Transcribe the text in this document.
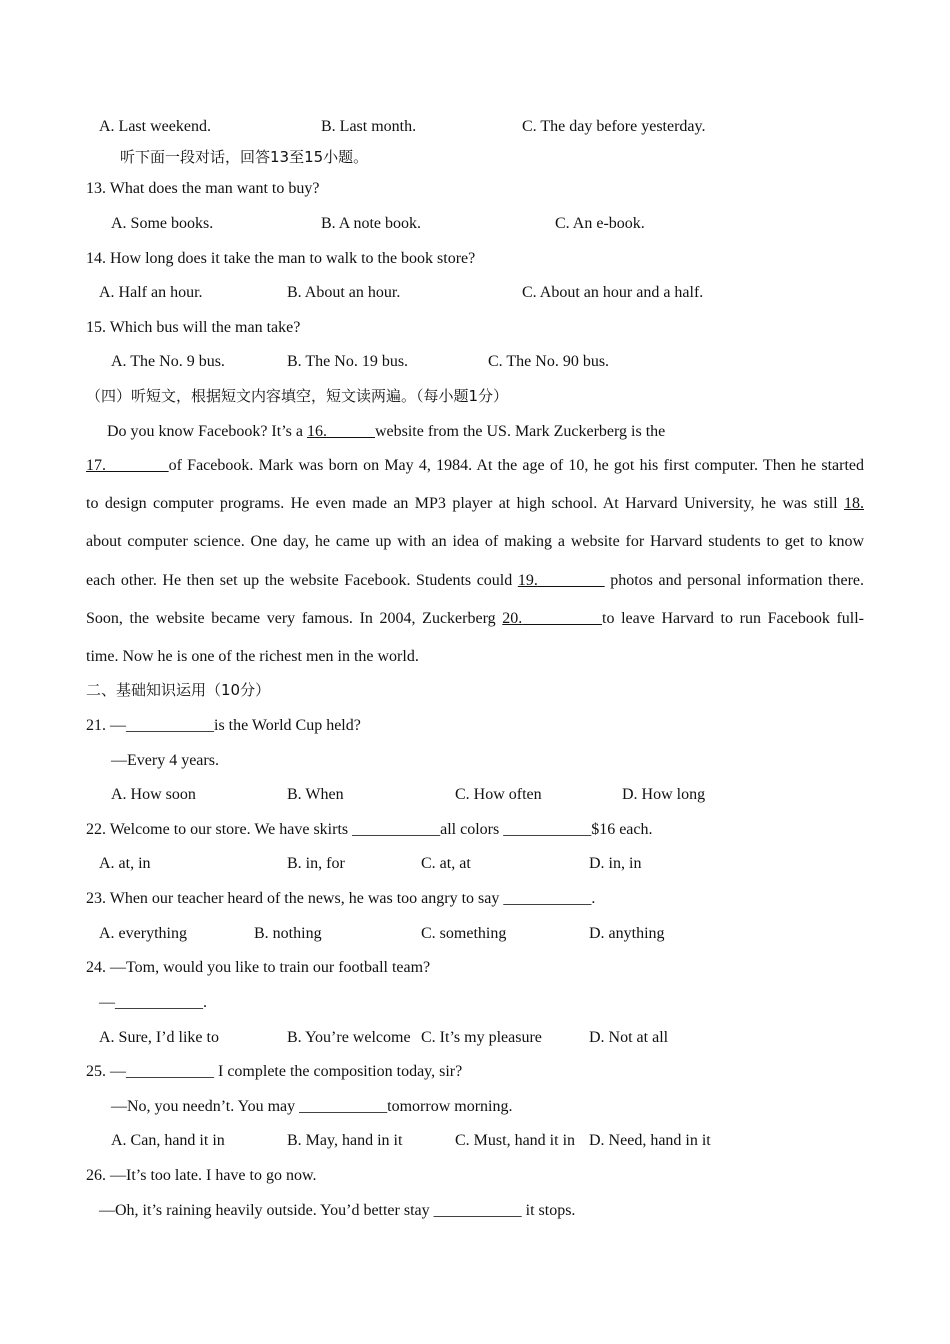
A. Last weekend.	B. Last month.	C. The day before yesterday.
听下面一段对话，回答13至15小题。
13. What does the man want to buy?
A. Some books.	B. A note book.	C. An e-book.
14. How long does it take the man to walk to the book store?
A. Half an hour.	B. About an hour.	C. About an hour and a half.
15. Which bus will the man take?
A. The No. 9 bus.	B. The No. 19 bus.	C. The No. 90 bus.
（四）听短文，根据短文内容填空，短文读两遍。（每小题1分）
Do you know Facebook? It’s a 16.	website from the US. Mark Zuckerberg is the
17.	of Facebook. Mark was born on May 4, 1984. At the age of 10, he got his first computer. Then he started
to design computer programs. He even made an MP3 player at high school. At Harvard University, he was still 18.
about computer science. One day, he came up with an idea of making a website for Harvard students to get to know
each other. He then set up the website Facebook. Students could 19.	photos and personal information there.
Soon, the website became very famous. In 2004, Zuckerberg 20.	to leave Harvard to run Facebook full-
time. Now he is one of the richest men in the world.
二、基础知识运用（10分）
21. —___________is the World Cup held?
—Every 4 years.
A. How soon	B. When	C. How often	D. How long
22. Welcome to our store. We have skirts ___________all colors ___________$16 each.
A. at, in	B. in, for	C. at, at	D. in, in
23. When our teacher heard of the news, he was too angry to say ___________.
A. everything	B. nothing	C. something	D. anything
24. —Tom, would you like to train our football team?
—___________.
A. Sure, I’d like to	B. You’re welcome C. It’s my pleasure	D. Not at all
25. —___________ I complete the composition today, sir?
—No, you needn’t. You may ___________tomorrow morning.
A. Can, hand it in	B. May, hand in it	C. Must, hand it in D. Need, hand in it
26. —It’s too late. I have to go now.
—Oh, it’s raining heavily outside. You’d better stay ___________ it stops.
